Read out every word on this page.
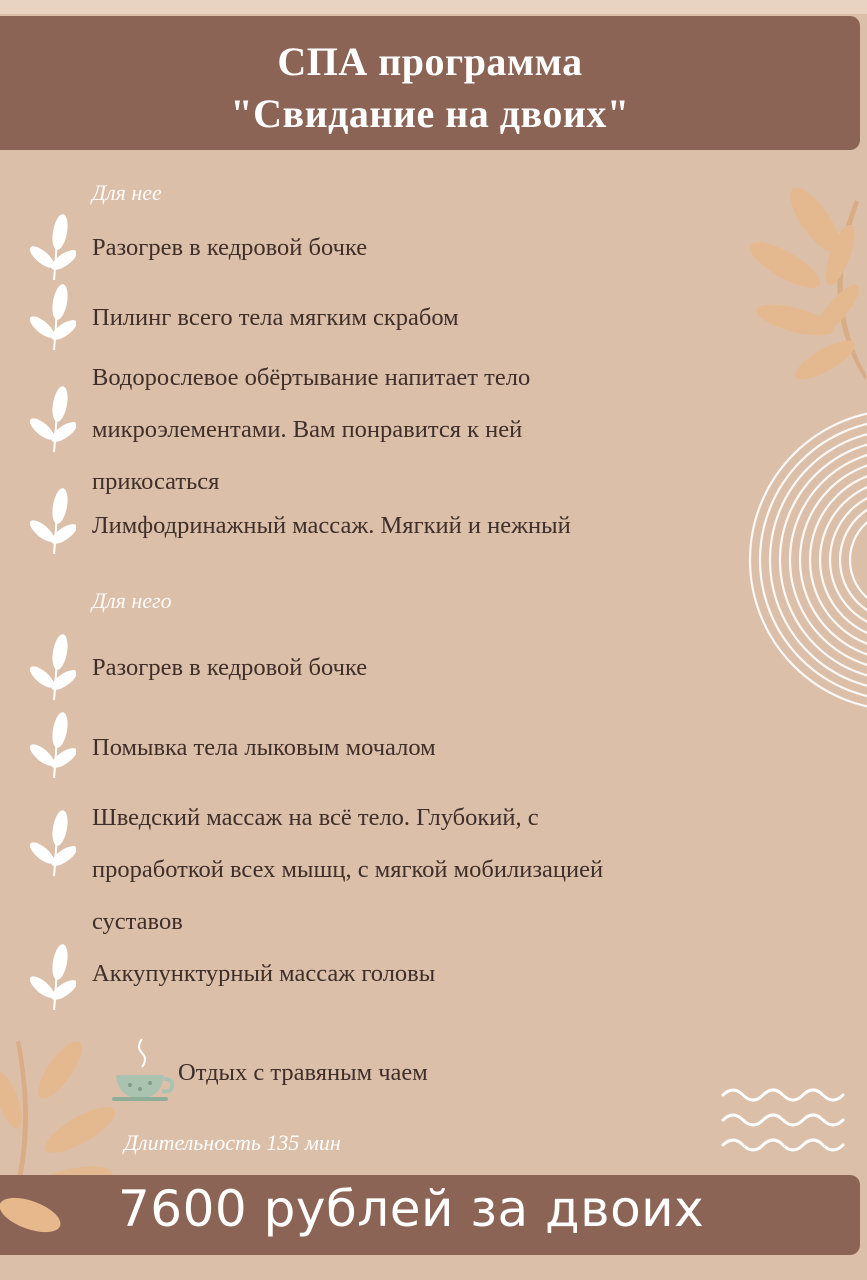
СПА программа
"Свидание на двоих"
Для нее
Разогрев в кедровой бочке
Пилинг всего тела мягким скрабом
Водорослевое обёртывание напитает тело
микроэлементами. Вам понравится к ней
прикосаться
Лимфодринажный массаж. Мягкий и нежный
Для него
Разогрев в кедровой бочке
Помывка тела лыковым мочалом
Шведский массаж на всё тело. Глубокий, с
проработкой всех мышц, с мягкой мобилизацией
суставов
Аккупунктурный массаж головы
Отдых с травяным чаем
Длительность 135 мин
7600 рублей за двоих
